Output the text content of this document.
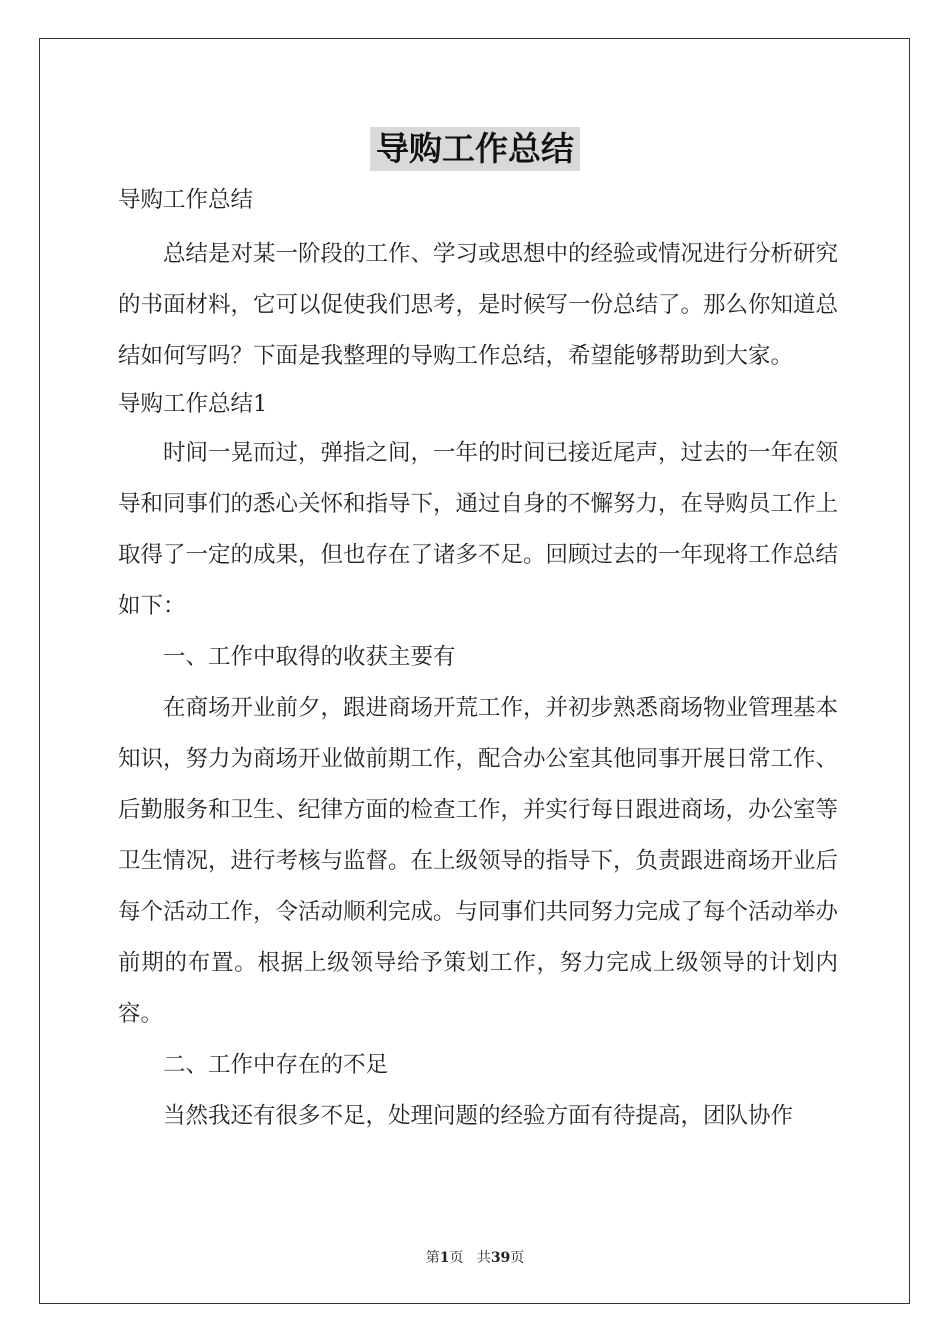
导购工作总结

导购工作总结

总结是对某一阶段的工作、学习或思想中的经验或情况进行分析研究的书面材料，它可以促使我们思考，是时候写一份总结了。那么你知道总结如何写吗？下面是我整理的导购工作总结，希望能够帮助到大家。

导购工作总结1

时间一晃而过，弹指之间，一年的时间已接近尾声，过去的一年在领导和同事们的悉心关怀和指导下，通过自身的不懈努力，在导购员工作上取得了一定的成果，但也存在了诸多不足。回顾过去的一年现将工作总结如下：

一、工作中取得的收获主要有

在商场开业前夕，跟进商场开荒工作，并初步熟悉商场物业管理基本知识，努力为商场开业做前期工作，配合办公室其他同事开展日常工作、后勤服务和卫生、纪律方面的检查工作，并实行每日跟进商场，办公室等卫生情况，进行考核与监督。在上级领导的指导下，负责跟进商场开业后每个活动工作，令活动顺利完成。与同事们共同努力完成了每个活动举办前期的布置。根据上级领导给予策划工作，努力完成上级领导的计划内容。

二、工作中存在的不足

当然我还有很多不足，处理问题的经验方面有待提高，团队协作

第1页 共39页
